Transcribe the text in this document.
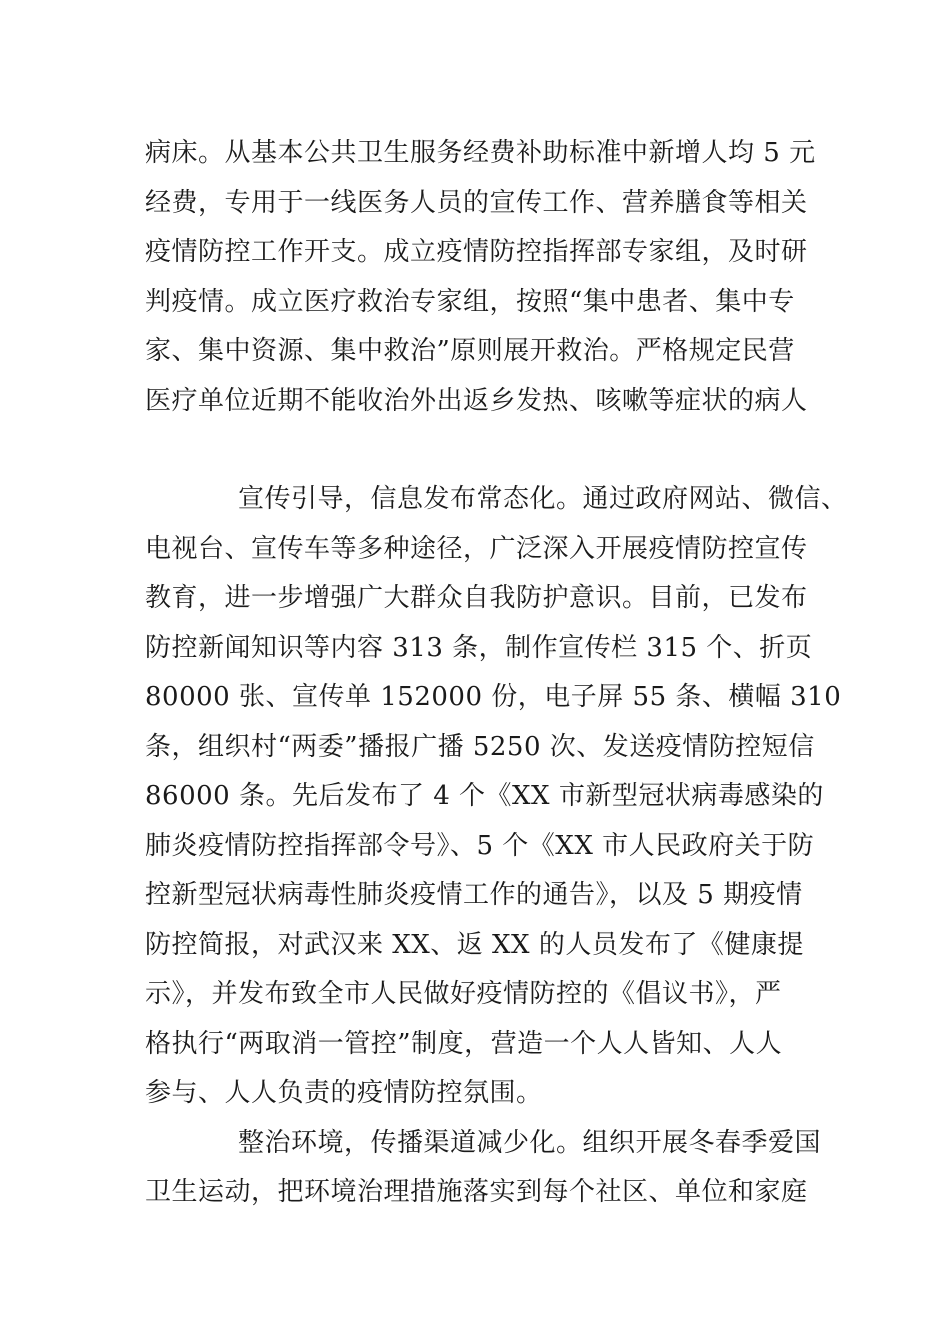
病床。从基本公共卫生服务经费补助标准中新增人均 5 元
经费，专用于一线医务人员的宣传工作、营养膳食等相关
疫情防控工作开支。成立疫情防控指挥部专家组，及时研
判疫情。成立医疗救治专家组，按照“集中患者、集中专
家、集中资源、集中救治”原则展开救治。严格规定民营
医疗单位近期不能收治外出返乡发热、咳嗽等症状的病人
宣传引导，信息发布常态化。通过政府网站、微信、
电视台、宣传车等多种途径，广泛深入开展疫情防控宣传
教育，进一步增强广大群众自我防护意识。目前，已发布
防控新闻知识等内容 313 条，制作宣传栏 315 个、折页
80000 张、宣传单 152000 份，电子屏 55 条、横幅 310
条，组织村“两委”播报广播 5250 次、发送疫情防控短信
86000 条。先后发布了 4 个《XX 市新型冠状病毒感染的
肺炎疫情防控指挥部令号》、5 个《XX 市人民政府关于防
控新型冠状病毒性肺炎疫情工作的通告》，以及 5 期疫情
防控简报，对武汉来 XX、返 XX 的人员发布了《健康提
示》，并发布致全市人民做好疫情防控的《倡议书》，严
格执行“两取消一管控”制度，营造一个人人皆知、人人
参与、人人负责的疫情防控氛围。
整治环境，传播渠道减少化。组织开展冬春季爱国
卫生运动，把环境治理措施落实到每个社区、单位和家庭
